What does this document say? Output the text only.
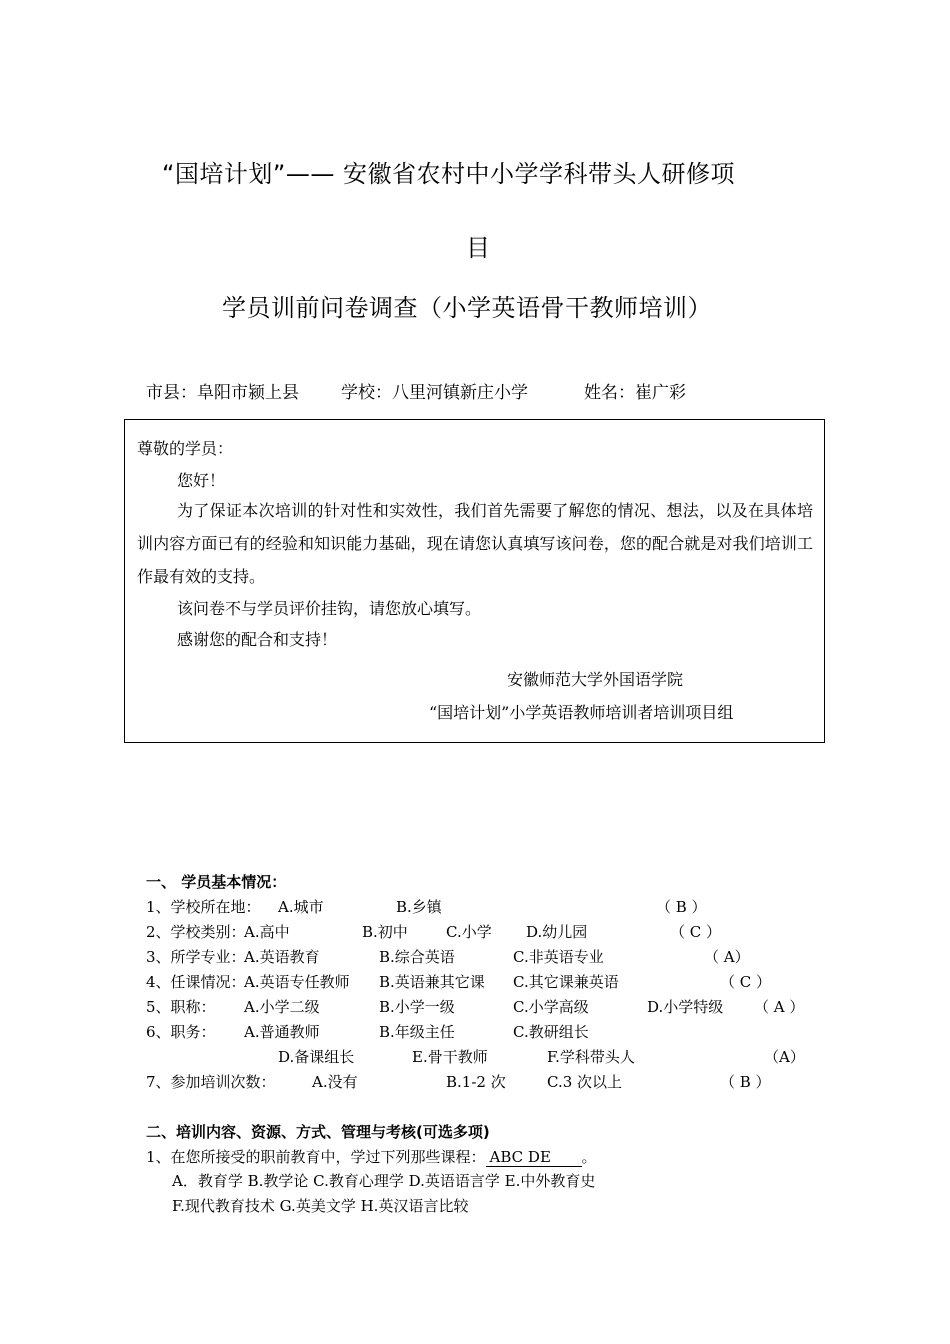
“国培计划”—— 安徽省农村中小学学科带头人研修项
目
学员训前问卷调查（小学英语骨干教师培训）
市县：阜阳市颍上县 学校：八里河镇新庄小学	姓名：崔广彩
尊敬的学员：
您好！
为了保证本次培训的针对性和实效性，我们首先需要了解您的情况、想法，以及在具体培训内容方面已有的经验和知识能力基础，现在请您认真填写该问卷，您的配合就是对我们培训工作最有效的支持。
该问卷不与学员评价挂钩，请您放心填写。
感谢您的配合和支持！
安徽师范大学外国语学院
“国培计划”小学英语教师培训者培训项目组
一、 学员基本情况：
1、学校所在地： A.城市	B.乡镇	（ B ）
2、学校类别：
A.高中	B.初中	C.小学 D.幼儿园	（ C ）
3、所学专业：
A.英语教育	B.综合英语	C.非英语专业	（ A）
4、任课情况：
A.英语专任教师 B.英语兼其它课 C.其它课兼英语	（ C ）
5、职称： A.小学二级	B.小学一级	C.小学高级	D.小学特级 （ A ）
6、职务： A.普通教师	B.年级主任	C.教研组长
D.备课组长	E.骨干教师	F.学科带头人	（A）
7、参加培训次数： A.没有	B.1-2 次	C.3 次以上	（ B ）
二、培训内容、资源、方式、管理与考核(可选多项)
1、在您所接受的职前教育中，学过下列那些课程： ABC DE 。
A．教育学 B.教学论 C.教育心理学 D.英语语言学 E.中外教育史
F.现代教育技术 G.英美文学 H.英汉语言比较
